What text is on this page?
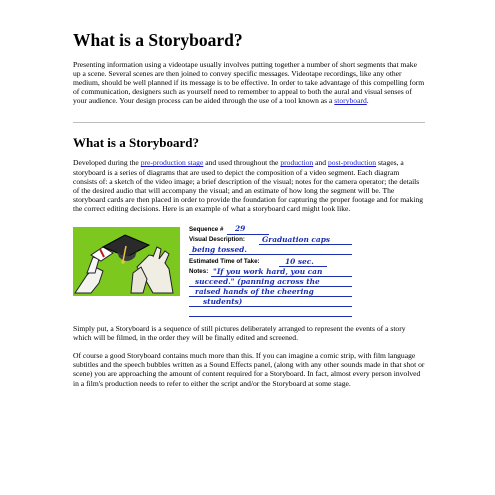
What is a Storyboard?

Presenting information using a videotape usually involves putting together a number of short segments that make up a scene. Several scenes are then joined to convey specific messages. Videotape recordings, like any other medium, should be well planned if its message is to be effective. In order to take advantage of this compelling form of communication, designers such as yourself need to remember to appeal to both the aural and visual senses of your audience. Your design process can be aided through the use of a tool known as a storyboard.

What is a Storyboard?

Developed during the pre-production stage and used throughout the production and post-production stages, a storyboard is a series of diagrams that are used to depict the composition of a video segment. Each diagram consists of: a sketch of the video image; a brief description of the visual; notes for the camera operator; the details of the desired audio that will accompany the visual; and an estimate of how long the segment will be. The storyboard cards are then placed in order to provide the foundation for capturing the proper footage and for making the correct editing decisions. Here is an example of what a storyboard card might look like.

Sequence # 29
Visual Description: Graduation caps
being tossed.
Estimated Time of Take:	10 sec.
Notes: "If you work hard, you can
succeed." (panning across the
raised hands of the cheering
students)

Simply put, a Storyboard is a sequence of still pictures deliberately arranged to represent the events of a story which will be filmed, in the order they will be finally edited and screened.

Of course a good Storyboard contains much more than this. If you can imagine a comic strip, with film language subtitles and the speech bubbles written as a Sound Effects panel, (along with any other sounds made in that shot or scene) you are approaching the amount of content required for a Storyboard. In fact, almost every person involved in a film's production needs to refer to either the script and/or the Storyboard at some stage.
